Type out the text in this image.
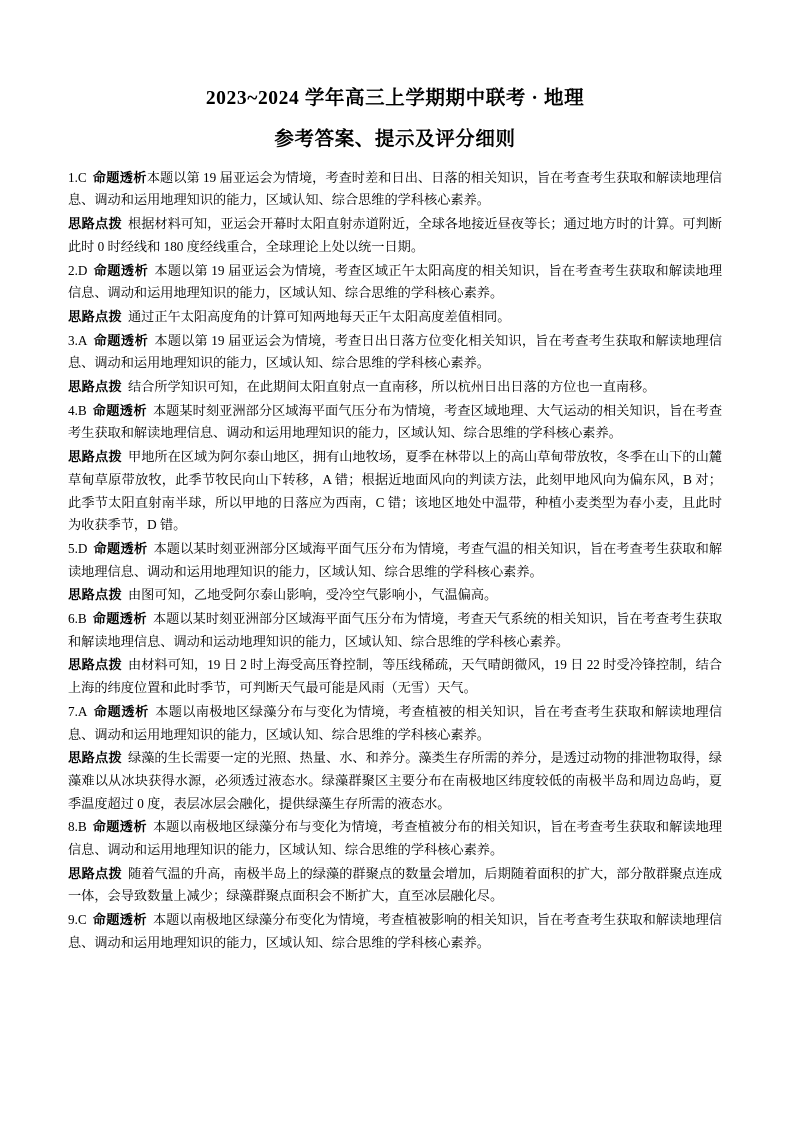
2023~2024 学年高三上学期期中联考 · 地理
参考答案、提示及评分细则

1.C 命题透析本题以第 19 届亚运会为情境，考查时差和日出、日落的相关知识，旨在考查考生获取和解读地理信息、调动和运用地理知识的能力，区域认知、综合思维的学科核心素养。

思路点拨 根据材料可知，亚运会开幕时太阳直射赤道附近，全球各地接近昼夜等长；通过地方时的计算。可判断此时 0 时经线和 180 度经线重合，全球理论上处以统一日期。

2.D 命题透析 本题以第 19 届亚运会为情境，考查区域正午太阳高度的相关知识，旨在考查考生获取和解读地理信息、调动和运用地理知识的能力，区域认知、综合思维的学科核心素养。

思路点拨 通过正午太阳高度角的计算可知两地每天正午太阳高度差值相同。

3.A 命题透析 本题以第 19 届亚运会为情境，考查日出日落方位变化相关知识，旨在考查考生获取和解读地理信息、调动和运用地理知识的能力，区域认知、综合思维的学科核心素养。

思路点拨 结合所学知识可知，在此期间太阳直射点一直南移，所以杭州日出日落的方位也一直南移。

4.B 命题透析 本题某时刻亚洲部分区域海平面气压分布为情境，考查区域地理、大气运动的相关知识，旨在考查考生获取和解读地理信息、调动和运用地理知识的能力，区域认知、综合思维的学科核心素养。

思路点拨 甲地所在区域为阿尔泰山地区，拥有山地牧场，夏季在林带以上的高山草甸带放牧，冬季在山下的山麓草甸草原带放牧，此季节牧民向山下转移，A 错；根据近地面风向的判读方法，此刻甲地风向为偏东风，B 对；此季节太阳直射南半球，所以甲地的日落应为西南，C 错；该地区地处中温带，种植小麦类型为春小麦，且此时为收获季节，D 错。

5.D 命题透析 本题以某时刻亚洲部分区域海平面气压分布为情境，考查气温的相关知识，旨在考查考生获取和解读地理信息、调动和运用地理知识的能力，区域认知、综合思维的学科核心素养。

思路点拨 由图可知，乙地受阿尔泰山影响，受冷空气影响小，气温偏高。

6.B 命题透析 本题以某时刻亚洲部分区域海平面气压分布为情境，考查天气系统的相关知识，旨在考查考生获取和解读地理信息、调动和运动地理知识的能力，区域认知、综合思维的学科核心素养。

思路点拨 由材料可知，19 日 2 时上海受高压脊控制，等压线稀疏，天气晴朗微风，19 日 22 时受冷锋控制，结合上海的纬度位置和此时季节，可判断天气最可能是风雨（无雪）天气。

7.A 命题透析 本题以南极地区绿藻分布与变化为情境，考查植被的相关知识，旨在考查考生获取和解读地理信息、调动和运用地理知识的能力，区域认知、综合思维的学科核心素养。

思路点拨 绿藻的生长需要一定的光照、热量、水、和养分。藻类生存所需的养分，是透过动物的排泄物取得，绿藻难以从冰块获得水源，必须透过液态水。绿藻群聚区主要分布在南极地区纬度较低的南极半岛和周边岛屿，夏季温度超过 0 度，表层冰层会融化，提供绿藻生存所需的液态水。

8.B 命题透析 本题以南极地区绿藻分布与变化为情境，考查植被分布的相关知识，旨在考查考生获取和解读地理信息、调动和运用地理知识的能力，区域认知、综合思维的学科核心素养。

思路点拨 随着气温的升高，南极半岛上的绿藻的群聚点的数量会增加，后期随着面积的扩大，部分散群聚点连成一体，会导致数量上减少；绿藻群聚点面积会不断扩大，直至冰层融化尽。

9.C 命题透析 本题以南极地区绿藻分布变化为情境，考查植被影响的相关知识，旨在考查考生获取和解读地理信息、调动和运用地理知识的能力，区域认知、综合思维的学科核心素养。
